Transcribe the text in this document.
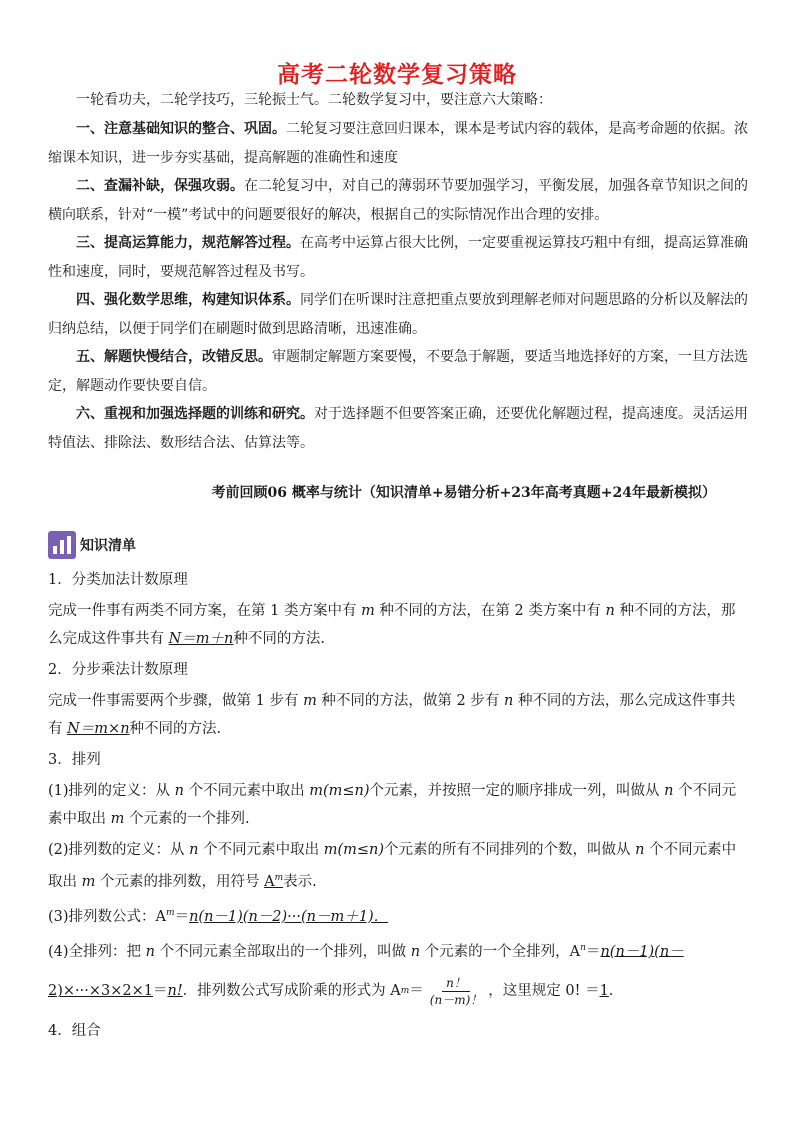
高考二轮数学复习策略
一轮看功夫，二轮学技巧，三轮振士气。二轮数学复习中，要注意六大策略：
一、注意基础知识的整合、巩固。二轮复习要注意回归课本，课本是考试内容的载体，是高考命题的依据。浓缩课本知识，进一步夯实基础，提高解题的准确性和速度
二、查漏补缺，保强攻弱。在二轮复习中，对自己的薄弱环节要加强学习，平衡发展，加强各章节知识之间的横向联系，针对“一模”考试中的问题要很好的解决，根据自己的实际情况作出合理的安排。
三、提高运算能力，规范解答过程。在高考中运算占很大比例，一定要重视运算技巧粗中有细，提高运算准确性和速度，同时，要规范解答过程及书写。
四、强化数学思维，构建知识体系。同学们在听课时注意把重点要放到理解老师对问题思路的分析以及解法的归纳总结，以便于同学们在刷题时做到思路清晰，迅速准确。
五、解题快慢结合，改错反思。审题制定解题方案要慢，不要急于解题，要适当地选择好的方案，一旦方法选定，解题动作要快要自信。
六、重视和加强选择题的训练和研究。对于选择题不但要答案正确，还要优化解题过程，提高速度。灵活运用特值法、排除法、数形结合法、估算法等。
考前回顾06 概率与统计（知识清单+易错分析+23年高考真题+24年最新模拟）
知识清单
1．分类加法计数原理
完成一件事有两类不同方案，在第 1 类方案中有 m 种不同的方法，在第 2 类方案中有 n 种不同的方法，那么完成这件事共有 N＝m＋n种不同的方法.
2．分步乘法计数原理
完成一件事需要两个步骤，做第 1 步有 m 种不同的方法，做第 2 步有 n 种不同的方法，那么完成这件事共有 N＝m×n种不同的方法.
3．排列
(1)排列的定义：从 n 个不同元素中取出 m(m≤n)个元素，并按照一定的顺序排成一列，叫做从 n 个不同元素中取出 m 个元素的一个排列.
(2)排列数的定义：从 n 个不同元素中取出 m(m≤n)个元素的所有不同排列的个数，叫做从 n 个不同元素中取出 m 个元素的排列数，用符号 $A^m$表示.
(3)排列数公式：$A^m=n(n-1)(n-2)\cdot\cdot\cdot(n-m+1)$．
(4)全排列：把 n 个不同元素全部取出的一个排列，叫做 n 个元素的一个全排列，$A^n=n(n-1)(n-$
2)×···×3×2×1 ＝ n! ．排列数公式写成阶乘的形式为
A $m = \frac{n!}{(n-m)!}$ ，这里规定 0!
＝ 1 .
4．组合
